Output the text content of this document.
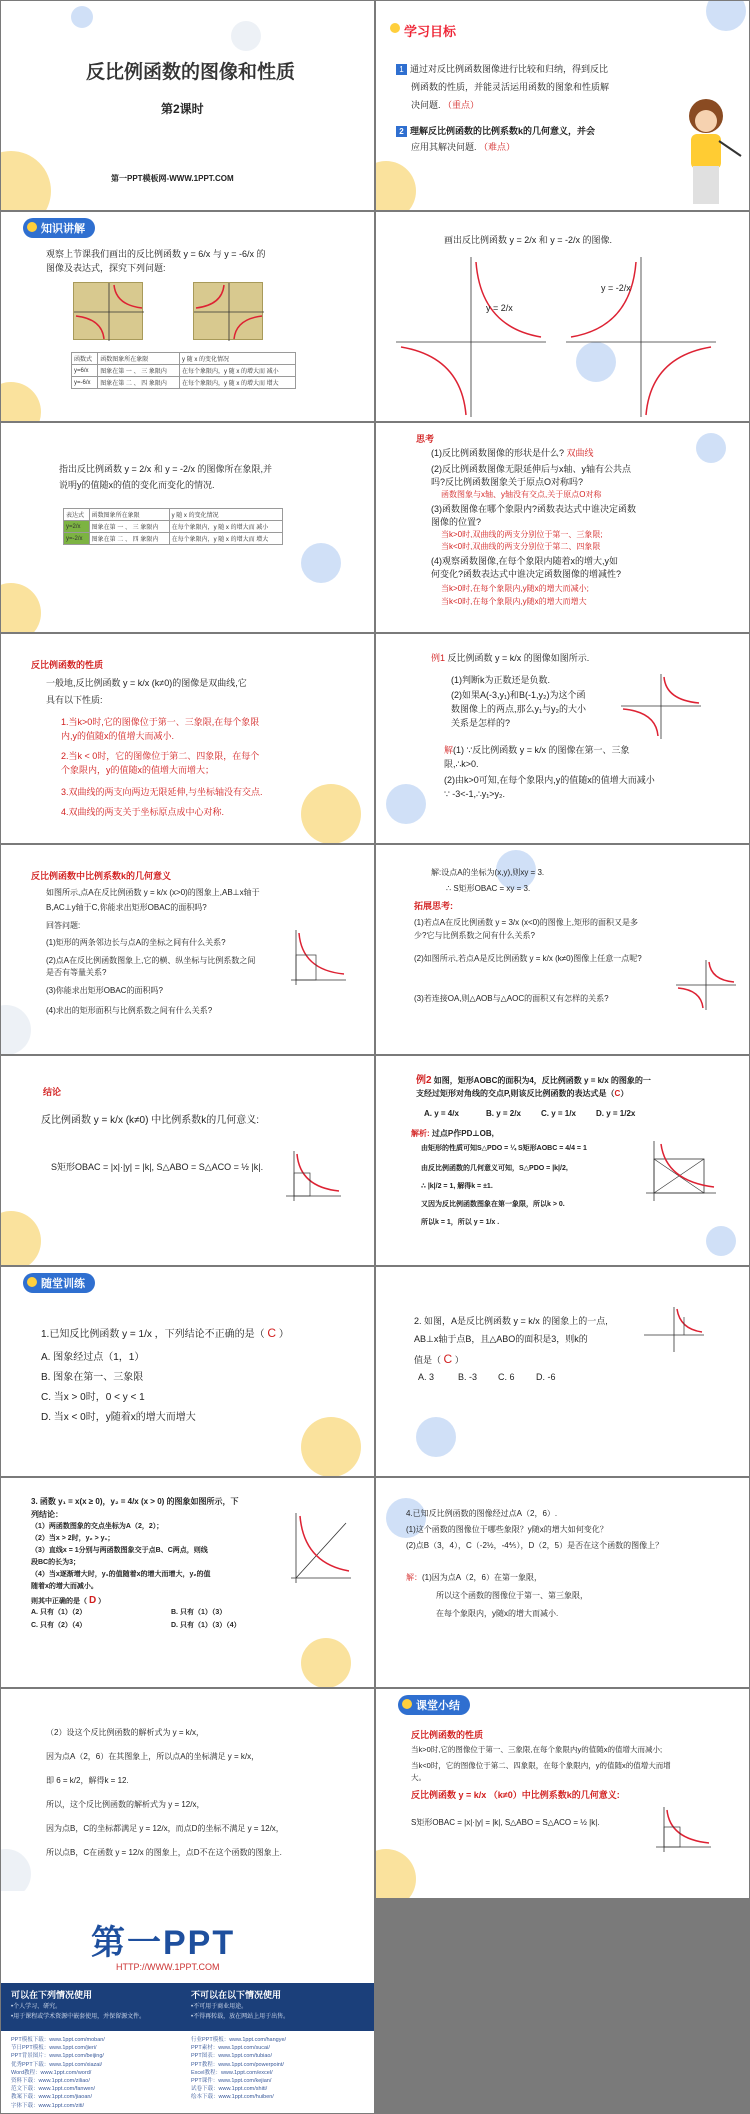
反比例函数的图像和性质
第2课时
第一PPT模板网-WWW.1PPT.COM
学习目标
1 通过对反比例函数图像进行比较和归纳，得到反比
例函数的性质，并能灵活运用函数的图象和性质解
决问题. （重点）
2 理解反比例函数的比例系数k的几何意义，并会
应用其解决问题. （难点）
知识讲解
观察上节课我们画出的反比例函数 y = 6/x 与 y = -6/x 的
图像及表达式，探究下列问题:
函数式	函数图象所在象限	y 随 x 的变化情况
y=6/x	图象在第 一 、 三 象限内	在每个象限内，y 随 x 的增大而 减小
y=-6/x	图象在第 二 、 四 象限内	在每个象限内，y 随 x 的增大而 增大
画出反比例函数 y = 2/x 和 y = -2/x 的图像.
y = 2/x
y = -2/x
指出反比例函数 y = 2/x 和 y = -2/x 的图像所在象限,并
说明y的值随x的值的变化而变化的情况.
表达式	函数图象所在象限	y 随 x 的变化情况
y=2/x	图象在第 一 、 三 象限内	在每个象限内，y 随 x 的增大而 减小
y=-2/x	图象在第 二 、 四 象限内	在每个象限内，y 随 x 的增大而 增大
思考
(1)反比例函数图像的形状是什么? 双曲线
(2)反比例函数图像无限延伸后与x轴、y轴有公共点
吗?反比例函数图象关于原点O对称吗?
函数图象与x轴、y轴没有交点,关于原点O对称
(3)函数图像在哪个象限内?函数表达式中谁决定函数
图像的位置?
当k>0时,双曲线的两支分别位于第一、三象限;
当k<0时,双曲线的两支分别位于第二、四象限
(4)观察函数图像,在每个象限内随着x的增大,y如
何变化?函数表达式中谁决定函数图像的增减性?
当k>0时,在每个象限内,y随x的增大而减小;
当k<0时,在每个象限内,y随x的增大而增大
反比例函数的性质
一般地,反比例函数 y = k/x (k≠0)的图像是双曲线,它
具有以下性质:
1.当k>0时,它的图像位于第一、三象限,在每个象限
内,y的值随x的值增大而减小.
2.当k < 0时，它的图像位于第二、四象限，在每个
个象限内，y的值随x的值增大而增大；
3.双曲线的两支向两边无限延伸,与坐标轴没有交点.
4.双曲线的两支关于坐标原点成中心对称.
例1 反比例函数 y = k/x 的图像如图所示.
(1)判断k为正数还是负数.
(2)如果A(-3,y₁)和B(-1,y₂)为这个函
数图像上的两点,那么y₁与y₂的大小
关系是怎样的?
解(1) ∵反比例函数 y = k/x 的图像在第一、三象
限,∴k>0.
(2)由k>0可知,在每个象限内,y的值随x的值增大而减小
∵ -3<-1,∴y₁>y₂.
反比例函数中比例系数k的几何意义
如图所示,点A在反比例函数 y = k/x (x>0)的图象上,AB⊥x轴于
B,AC⊥y轴于C,你能求出矩形OBAC的面积吗?
回答问题:
(1)矩形的两条邻边长与点A的坐标之间有什么关系?
(2)点A在反比例函数图象上,它的横、纵坐标与比例系数之间
是否有等量关系?
(3)你能求出矩形OBAC的面积吗?
(4)求出的矩形面积与比例系数之间有什么关系?
解:设点A的坐标为(x,y),则xy = 3.
∴ S矩形OBAC = xy = 3.
拓展思考:
(1)若点A在反比例函数 y = 3/x (x<0)的图像上,矩形的面积又是多
少?它与比例系数之间有什么关系?
(2)如图所示,若点A是反比例函数 y = k/x (k≠0)图像上任意一点呢?
(3)若连接OA,则△AOB与△AOC的面积又有怎样的关系?
结论
反比例函数 y = k/x (k≠0) 中比例系数k的几何意义:
S矩形OBAC = |x|·|y| = |k|, S△ABO = S△ACO = ½ |k|.
例2 如图，矩形AOBC的面积为4，反比例函数 y = k/x 的图象的一
支经过矩形对角线的交点P,则该反比例函数的表达式是（C）
A. y = 4/x	B. y = 2/x	C. y = 1/x	D. y = 1/2x
解析: 过点P作PD⊥OB,
由矩形的性质可知S△PDO = ¼ S矩形AOBC = 4/4 = 1
由反比例函数的几何意义可知，S△PDO = |k|/2,
∴ |k|/2 = 1, 解得k = ±1.
又因为反比例函数图象在第一象限，所以k > 0.
所以k = 1，所以 y = 1/x .
随堂训练
1.已知反比例函数 y = 1/x ，下列结论不正确的是（ C ）
A. 图象经过点（1，1）
B. 图象在第一、三象限
C. 当x > 0时，0 < y < 1
D. 当x < 0时，y随着x的增大而增大
2. 如图，A是反比例函数 y = k/x 的图象上的一点,
AB⊥x轴于点B，且△ABO的面积是3，则k的
值是（ C ）
A. 3	B. -3 C. 6 D. -6
3. 函数 y₁ = x(x ≥ 0)，y₂ = 4/x (x > 0) 的图象如图所示，下
列结论：
（1）两函数图象的交点坐标为A（2，2）；
（2）当x > 2时，y₂ > y₁；
（3）直线x = 1分别与两函数图象交于点B、C两点，则线
段BC的长为3；
（4）当x逐渐增大时，y₁的值随着x的增大而增大，y₂的值
随着x的增大而减小。
则其中正确的是（ D ）
A. 只有（1）（2）	B. 只有（1）（3）
C. 只有（2）（4）	D. 只有（1）（3）（4）
4.已知反比例函数的图像经过点A（2，6）.
(1)这个函数的图像位于哪些象限？y随x的增大如何变化？
(2)点B（3，4），C（-2½，-4⅘），D（2，5）是否在这个函数的图像上？
解：(1)因为点A（2，6）在第一象限，
所以这个函数的图像位于第一、第三象限，
在每个象限内，y随x的增大而减小.
（2）设这个反比例函数的解析式为 y = k/x，
因为点A（2，6）在其图象上，所以点A的坐标满足 y = k/x，
即 6 = k/2，解得k = 12.
所以，这个反比例函数的解析式为 y = 12/x，
因为点B，C的坐标都满足 y = 12/x，而点D的坐标不满足 y = 12/x，
所以点B，C在函数 y = 12/x 的图象上，点D不在这个函数的图象上.
课堂小结
反比例函数的性质
当k>0时,它的图像位于第一、三象限,在每个象限内y的值随x的值增大而减小;
当k<0时，它的图像位于第二、四象限，在每个象限内，y的值随x的值增大而增
大。
反比例函数 y = k/x （k≠0）中比例系数k的几何意义:
S矩形OBAC = |x|·|y| = |k|, S△ABO = S△ACO = ½ |k|.
第一PPT
HTTP://WWW.1PPT.COM
可以在下列情况使用
•个人学习、研究。
•用于课程或学术资源中嵌套使用，并保留源文件。
不可以在以下情况使用
•不可用于商业用途。
•不得再转载，放在网站上用于出售。
PPT模板下载：www.1ppt.com/moban/
节日PPT模板：www.1ppt.com/jieri/
PPT背景图片：www.1ppt.com/beijing/
优秀PPT下载：www.1ppt.com/xiazai/
Word教程：www.1ppt.com/word/
资料下载：www.1ppt.com/ziliao/
范文下载：www.1ppt.com/fanwen/
教案下载：www.1ppt.com/jiaoan/
字体下载：www.1ppt.com/ziti/
行业PPT模板：www.1ppt.com/hangye/
PPT素材：www.1ppt.com/sucai/
PPT图表：www.1ppt.com/tubiao/
PPT教程：www.1ppt.com/powerpoint/
Excel教程：www.1ppt.com/excel/
PPT课件：www.1ppt.com/kejian/
试卷下载：www.1ppt.com/shiti/
绘本下载：www.1ppt.com/huiben/
